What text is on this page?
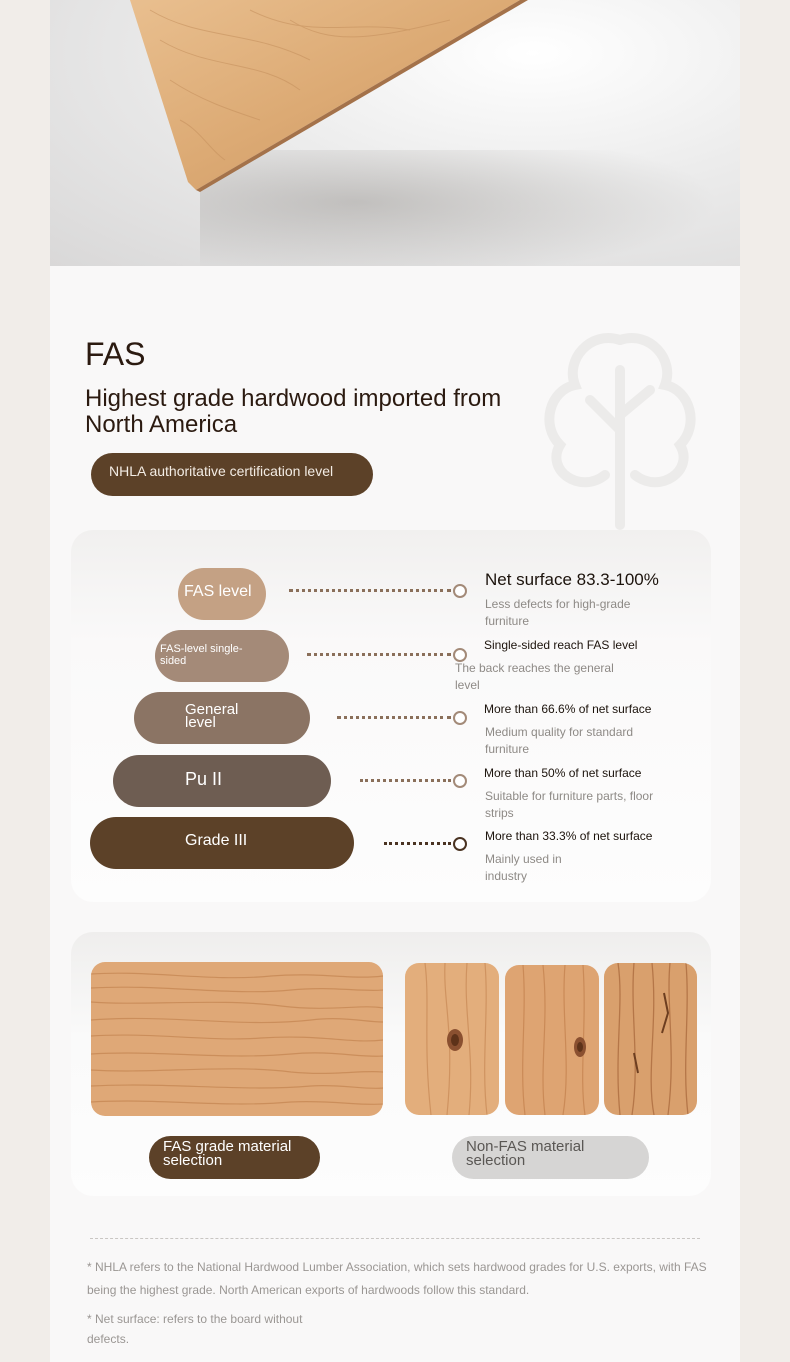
FAS
Highest grade hardwood imported from North America
NHLA authoritative certification level
FAS level
FAS-level single-sided
General level
Pu II
Grade III
Net surface 83.3-100%
Less defects for high-grade furniture
Single-sided reach FAS level
The back reaches the general level
More than 66.6% of net surface
Medium quality for standard furniture
More than 50% of net surface
Suitable for furniture parts, floor strips
More than 33.3% of net surface
Mainly used in industry
FAS grade material selection
Non-FAS material selection
* NHLA refers to the National Hardwood Lumber Association, which sets hardwood grades for U.S. exports, with FAS being the highest grade. North American exports of hardwoods follow this standard.
* Net surface: refers to the board without defects.
